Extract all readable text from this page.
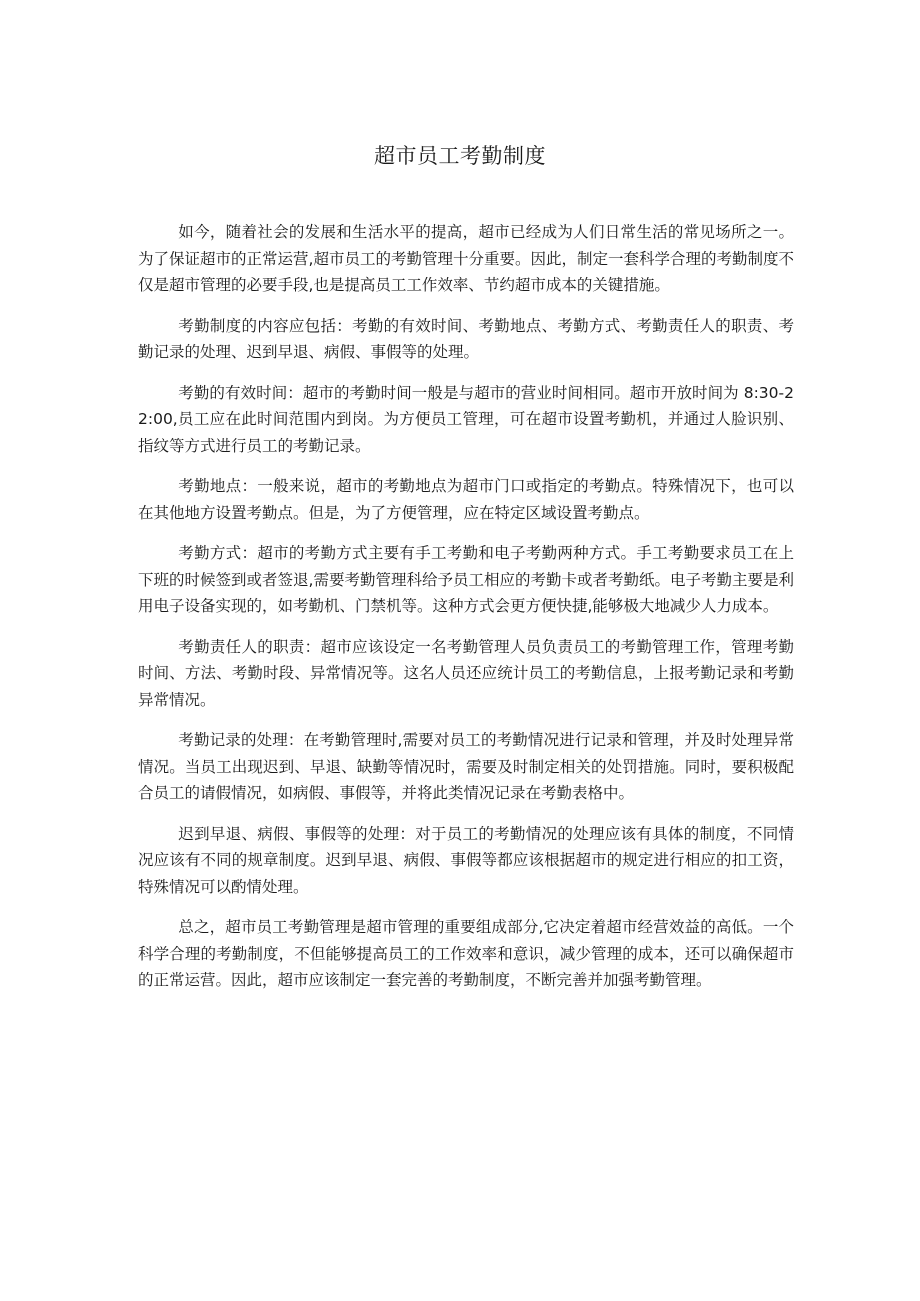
超市员工考勤制度

如今，随着社会的发展和生活水平的提高，超市已经成为人们日常生活的常见场所之一。为了保证超市的正常运营,超市员工的考勤管理十分重要。因此，制定一套科学合理的考勤制度不仅是超市管理的必要手段,也是提高员工工作效率、节约超市成本的关键措施。

考勤制度的内容应包括：考勤的有效时间、考勤地点、考勤方式、考勤责任人的职责、考勤记录的处理、迟到早退、病假、事假等的处理。

考勤的有效时间：超市的考勤时间一般是与超市的营业时间相同。超市开放时间为 8:30-22:00,员工应在此时间范围内到岗。为方便员工管理，可在超市设置考勤机，并通过人脸识别、指纹等方式进行员工的考勤记录。

考勤地点：一般来说，超市的考勤地点为超市门口或指定的考勤点。特殊情况下，也可以在其他地方设置考勤点。但是，为了方便管理，应在特定区域设置考勤点。

考勤方式：超市的考勤方式主要有手工考勤和电子考勤两种方式。手工考勤要求员工在上下班的时候签到或者签退,需要考勤管理科给予员工相应的考勤卡或者考勤纸。电子考勤主要是利用电子设备实现的，如考勤机、门禁机等。这种方式会更方便快捷,能够极大地减少人力成本。

考勤责任人的职责：超市应该设定一名考勤管理人员负责员工的考勤管理工作，管理考勤时间、方法、考勤时段、异常情况等。这名人员还应统计员工的考勤信息，上报考勤记录和考勤异常情况。

考勤记录的处理：在考勤管理时,需要对员工的考勤情况进行记录和管理，并及时处理异常情况。当员工出现迟到、早退、缺勤等情况时，需要及时制定相关的处罚措施。同时，要积极配合员工的请假情况，如病假、事假等，并将此类情况记录在考勤表格中。

迟到早退、病假、事假等的处理：对于员工的考勤情况的处理应该有具体的制度，不同情况应该有不同的规章制度。迟到早退、病假、事假等都应该根据超市的规定进行相应的扣工资，特殊情况可以酌情处理。

总之，超市员工考勤管理是超市管理的重要组成部分,它决定着超市经营效益的高低。一个科学合理的考勤制度，不但能够提高员工的工作效率和意识，减少管理的成本，还可以确保超市的正常运营。因此，超市应该制定一套完善的考勤制度，不断完善并加强考勤管理。
